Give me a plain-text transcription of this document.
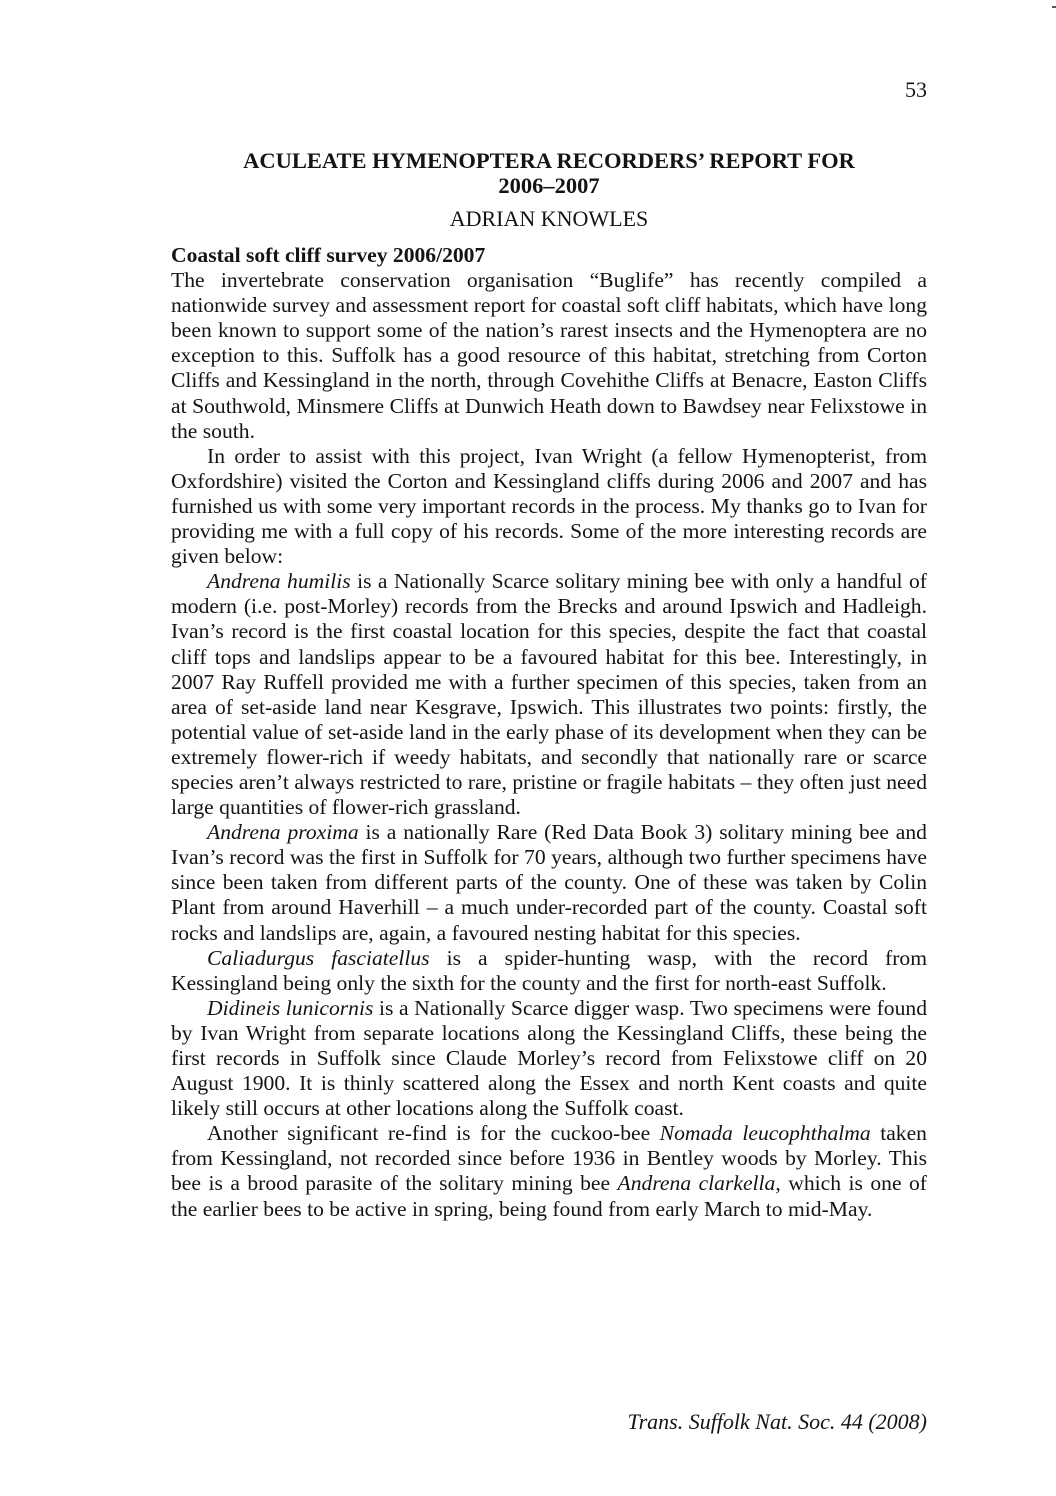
53
ACULEATE HYMENOPTERA RECORDERS’ REPORT FOR
2006–2007
ADRIAN KNOWLES

Coastal soft cliff survey 2006/2007

The invertebrate conservation organisation “Buglife” has recently compiled a nationwide survey and assessment report for coastal soft cliff habitats, which have long been known to support some of the nation’s rarest insects and the Hymenoptera are no exception to this. Suffolk has a good resource of this habitat, stretching from Corton Cliffs and Kessingland in the north, through Covehithe Cliffs at Benacre, Easton Cliffs at Southwold, Minsmere Cliffs at Dunwich Heath down to Bawdsey near Felixstowe in the south.

In order to assist with this project, Ivan Wright (a fellow Hymenopterist, from Oxfordshire) visited the Corton and Kessingland cliffs during 2006 and 2007 and has furnished us with some very important records in the process. My thanks go to Ivan for providing me with a full copy of his records. Some of the more interesting records are given below:

Andrena humilis is a Nationally Scarce solitary mining bee with only a handful of modern (i.e. post-Morley) records from the Brecks and around Ipswich and Hadleigh. Ivan’s record is the first coastal location for this species, despite the fact that coastal cliff tops and landslips appear to be a favoured habitat for this bee. Interestingly, in 2007 Ray Ruffell provided me with a further specimen of this species, taken from an area of set-aside land near Kesgrave, Ipswich. This illustrates two points: firstly, the potential value of set-aside land in the early phase of its development when they can be extremely flower-rich if weedy habitats, and secondly that nationally rare or scarce species aren’t always restricted to rare, pristine or fragile habitats – they often just need large quantities of flower-rich grassland.

Andrena proxima is a nationally Rare (Red Data Book 3) solitary mining bee and Ivan’s record was the first in Suffolk for 70 years, although two further specimens have since been taken from different parts of the county. One of these was taken by Colin Plant from around Haverhill – a much under-recorded part of the county. Coastal soft rocks and landslips are, again, a favoured nesting habitat for this species.

Caliadurgus fasciatellus is a spider-hunting wasp, with the record from Kessingland being only the sixth for the county and the first for north-east Suffolk.

Didineis lunicornis is a Nationally Scarce digger wasp. Two specimens were found by Ivan Wright from separate locations along the Kessingland Cliffs, these being the first records in Suffolk since Claude Morley’s record from Felixstowe cliff on 20 August 1900. It is thinly scattered along the Essex and north Kent coasts and quite likely still occurs at other locations along the Suffolk coast.

Another significant re-find is for the cuckoo-bee Nomada leucophthalma taken from Kessingland, not recorded since before 1936 in Bentley woods by Morley. This bee is a brood parasite of the solitary mining bee Andrena clarkella, which is one of the earlier bees to be active in spring, being found from early March to mid-May.

Trans. Suffolk Nat. Soc. 44 (2008)
